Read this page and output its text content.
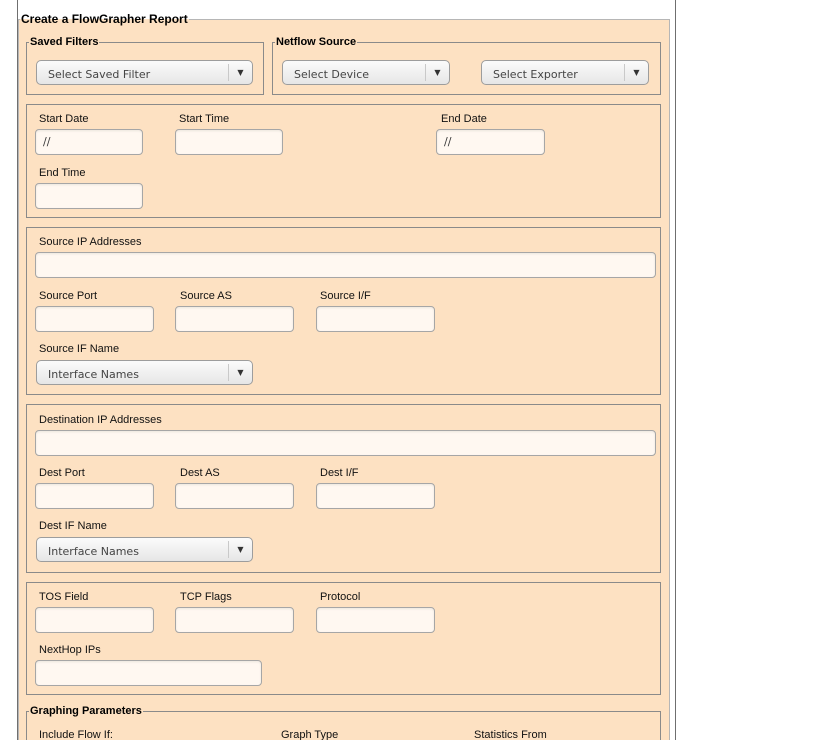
Create a FlowGrapher Report
Saved Filters
Select Saved Filter	▼
Netflow Source
Select Device	▼	Select Exporter	▼
Start Date
//
Start Time	End Date
//
End Time
Source IP Addresses
Source Port	Source AS	Source I/F
Source IF Name
Interface Names	▼
Destination IP Addresses
Dest Port	Dest AS	Dest I/F
Dest IF Name
Interface Names	▼
TOS Field	TCP Flags	Protocol
NextHop IPs
Graphing Parameters
Include Flow If:	Graph Type	Statistics From
